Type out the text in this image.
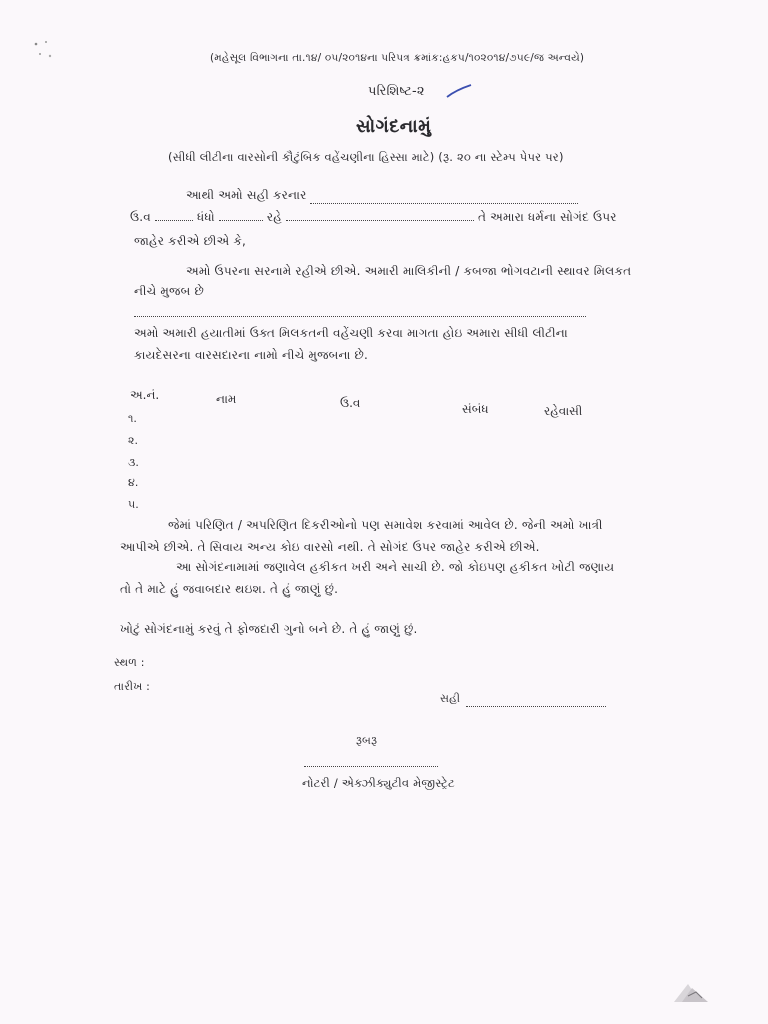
(મહેસૂલ વિભાગના તા.૧૪/ ૦૫/૨૦૧૪ના પરિપત્ર ક્રમાંક:હકપ/૧૦૨૦૧૪/૭૫૯/જ અન્વયે)
પરિશિષ્ટ-૨
સોગંદનામું
(સીધી લીટીના વારસોની કૌટુંબિક વહેંચણીના હિસ્સા માટે) (રૂ. ૨૦ ના સ્ટેમ્પ પેપર પર)
આથી અમો સહી કરનાર
ઉ.વ	ધંધો	રહે	તે અમારા ધર્મના સોગંદ ઉપર
જાહેર કરીએ છીએ કે,
અમો ઉપરના સરનામે રહીએ છીએ. અમારી માલિકીની / કબજા ભોગવટાની સ્થાવર મિલકત
નીચે મુજબ છે
અમો અમારી હયાતીમાં ઉક્ત મિલકતની વહેંચણી કરવા માગતા હોઇ અમારા સીધી લીટીના
કાયદેસરના વારસદારના નામો નીચે મુજબના છે.
અ.નં.	નામ	ઉ.વ	સંબંધ	રહેવાસી
૧.
૨.
૩.
૪.
૫.
જેમાં પરિણિત / અપરિણિત દિકરીઓનો પણ સમાવેશ કરવામાં આવેલ છે. જેની અમો ખાત્રી
આપીએ છીએ. તે સિવાય અન્ય કોઇ વારસો નથી. તે સોગંદ ઉપર જાહેર કરીએ છીએ.
આ સોગંદનામામાં જણાવેલ હકીકત ખરી અને સાચી છે. જો કોઇપણ હકીકત ખોટી જણાય
તો તે માટે હું જવાબદાર થઇશ. તે હું જાણું છું.
ખોટું સોગંદનામું કરવું તે ફોજદારી ગુનો બને છે. તે હું જાણું છું.
સ્થળ :
તારીખ :
સહી
રૂબરૂ
નોટરી / એક્ઝીક્યુટીવ મેજીસ્ટ્રેટ
